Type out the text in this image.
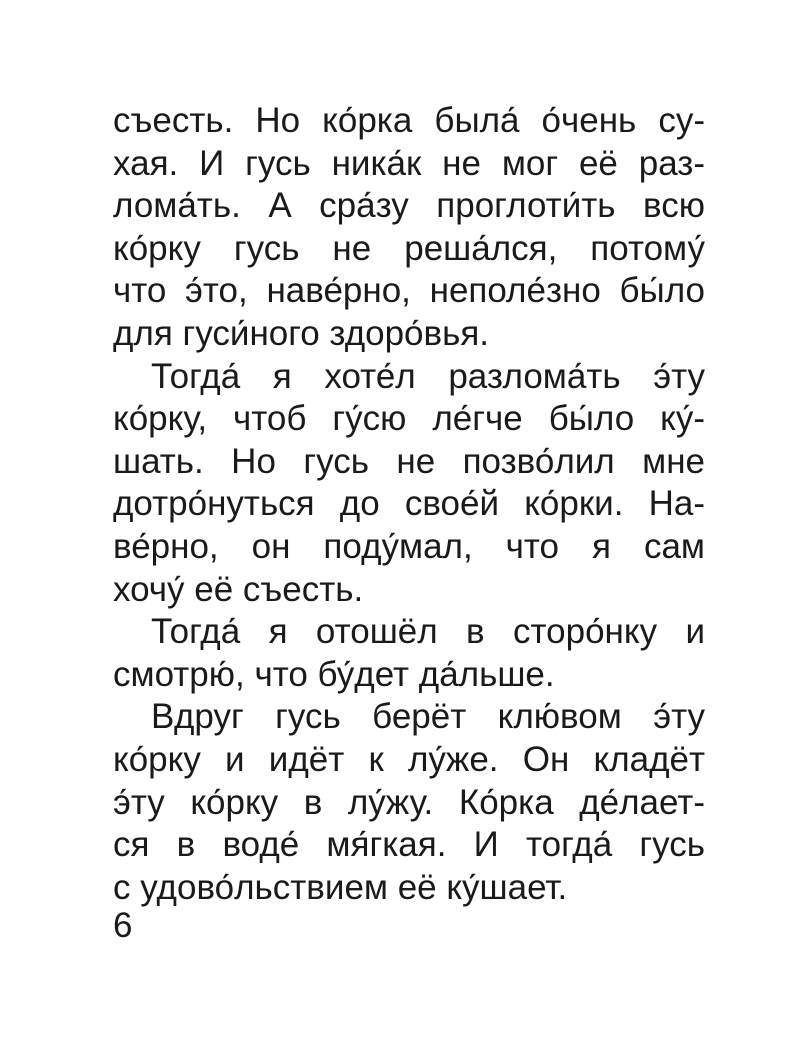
съесть. Но ко́рка была́ о́чень су-
хая. И гусь ника́к не мог её раз-
лома́ть. А сра́зу проглоти́ть всю
ко́рку гусь не реша́лся, потому́
что э́то, наве́рно, неполе́зно бы́ло
для гуси́ного здоро́вья.
Тогда́ я хоте́л разлома́ть э́ту
ко́рку, чтоб гу́сю ле́гче бы́ло ку́-
шать. Но гусь не позво́лил мне
дотро́нуться до свое́й ко́рки. На-
ве́рно, он поду́мал, что я сам
хочу́ её съесть.
Тогда́ я отошёл в сторо́нку и
смотрю́, что бу́дет да́льше.
Вдруг гусь берёт клю́вом э́ту
ко́рку и идёт к лу́же. Он кладёт
э́ту ко́рку в лу́жу. Ко́рка де́лает-
ся в воде́ мя́гкая. И тогда́ гусь
с удово́льствием её ку́шает.
6
